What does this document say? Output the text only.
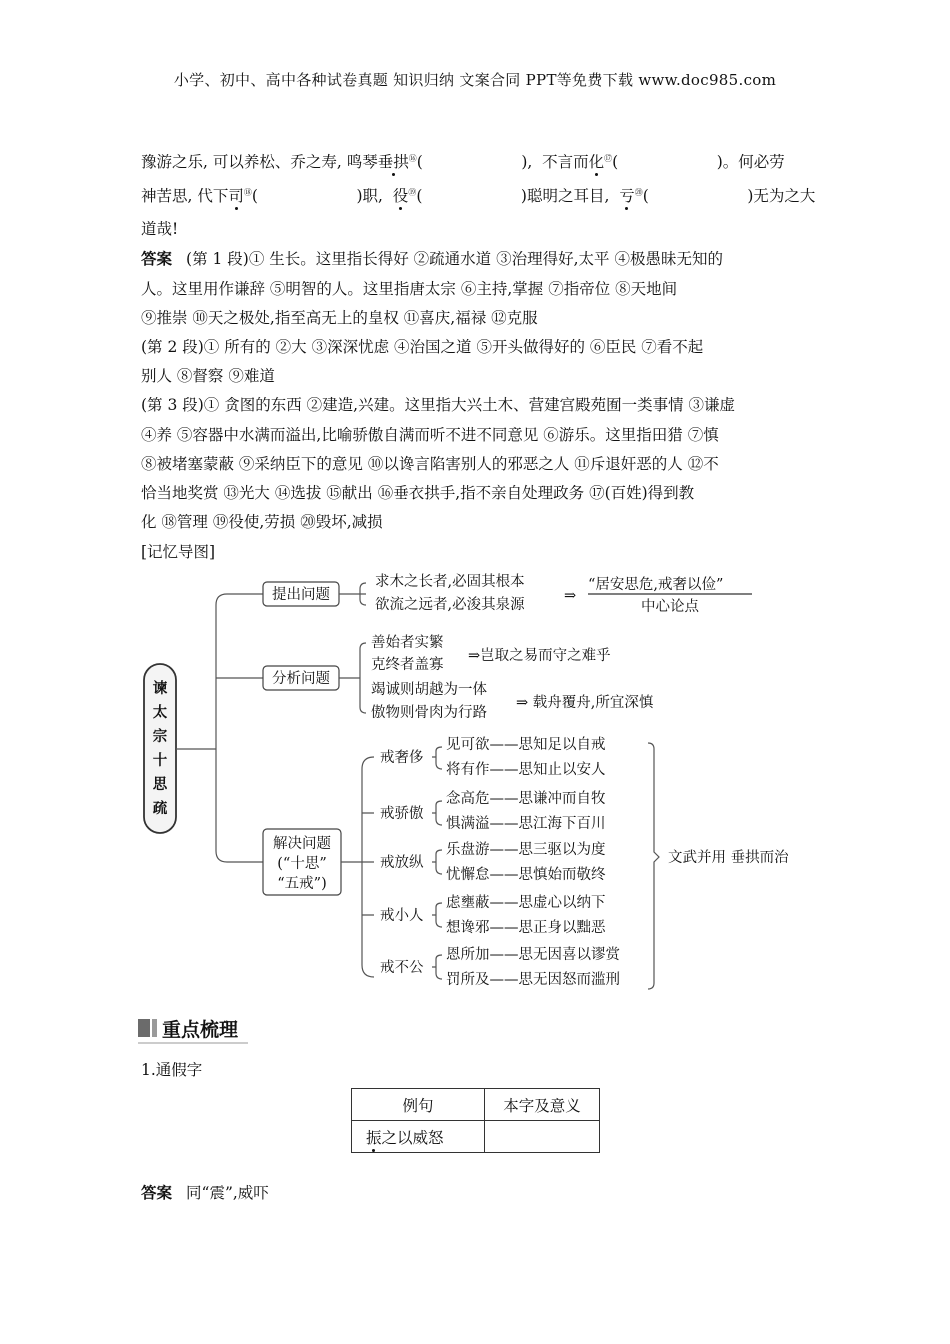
小学、初中、高中各种试卷真题 知识归纳 文案合同 PPT等免费下载 www.doc985.com
豫游之乐, 可以养松、乔之寿, 鸣琴垂拱⑯(                    ),  不言而化⑰(                    )。何必劳
神苦思, 代下司⑱(                    )职,  役⑲(                    )聪明之耳目,  亏⑳(                    )无为之大
道哉!
答案 (第 1 段)① 生长。这里指长得好 ②疏通水道 ③治理得好,太平 ④极愚昧无知的
人。这里用作谦辞 ⑤明智的人。这里指唐太宗 ⑥主持,掌握 ⑦指帝位 ⑧天地间
⑨推崇 ⑩天之极处,指至高无上的皇权 ⑪喜庆,福禄 ⑫克服
(第 2 段)① 所有的 ②大 ③深深忧虑 ④治国之道 ⑤开头做得好的 ⑥臣民 ⑦看不起
别人 ⑧督察 ⑨难道
(第 3 段)① 贪图的东西 ②建造,兴建。这里指大兴土木、营建宫殿苑囿一类事情 ③谦虚
④养 ⑤容器中水满而溢出,比喻骄傲自满而听不进不同意见 ⑥游乐。这里指田猎 ⑦慎
⑧被堵塞蒙蔽 ⑨采纳臣下的意见 ⑩以谗言陷害别人的邪恶之人 ⑪斥退奸恶的人 ⑫不
恰当地奖赏 ⑬光大 ⑭选拔 ⑮献出 ⑯垂衣拱手,指不亲自处理政务 ⑰(百姓)得到教
化 ⑱管理 ⑲役使,劳损 ⑳毁坏,减损
[记忆导图]
谏
太
宗
十
思
疏
提出问题
求木之长者,必固其根本
欲流之远者,必浚其泉源
⇒
“居安思危,戒奢以俭”
中心论点
分析问题
善始者实繁
克终者盖寡
⇒岂取之易而守之难乎
竭诚则胡越为一体
傲物则骨肉为行路
⇒ 载舟覆舟,所宜深慎
解决问题
(“十思”
“五戒”)
戒奢侈
见可欲——思知足以自戒
将有作——思知止以安人
戒骄傲
念高危——思谦冲而自牧
惧满溢——思江海下百川
戒放纵
乐盘游——思三驱以为度
忧懈怠——思慎始而敬终
戒小人
虑壅蔽——思虚心以纳下
想谗邪——思正身以黜恶
戒不公
恩所加——思无因喜以谬赏
罚所及——思无因怒而滥刑
文武并用 垂拱而治
重点梳理
1.通假字
例句	本字及意义
振之以威怒	
答案 同“震”,威吓
